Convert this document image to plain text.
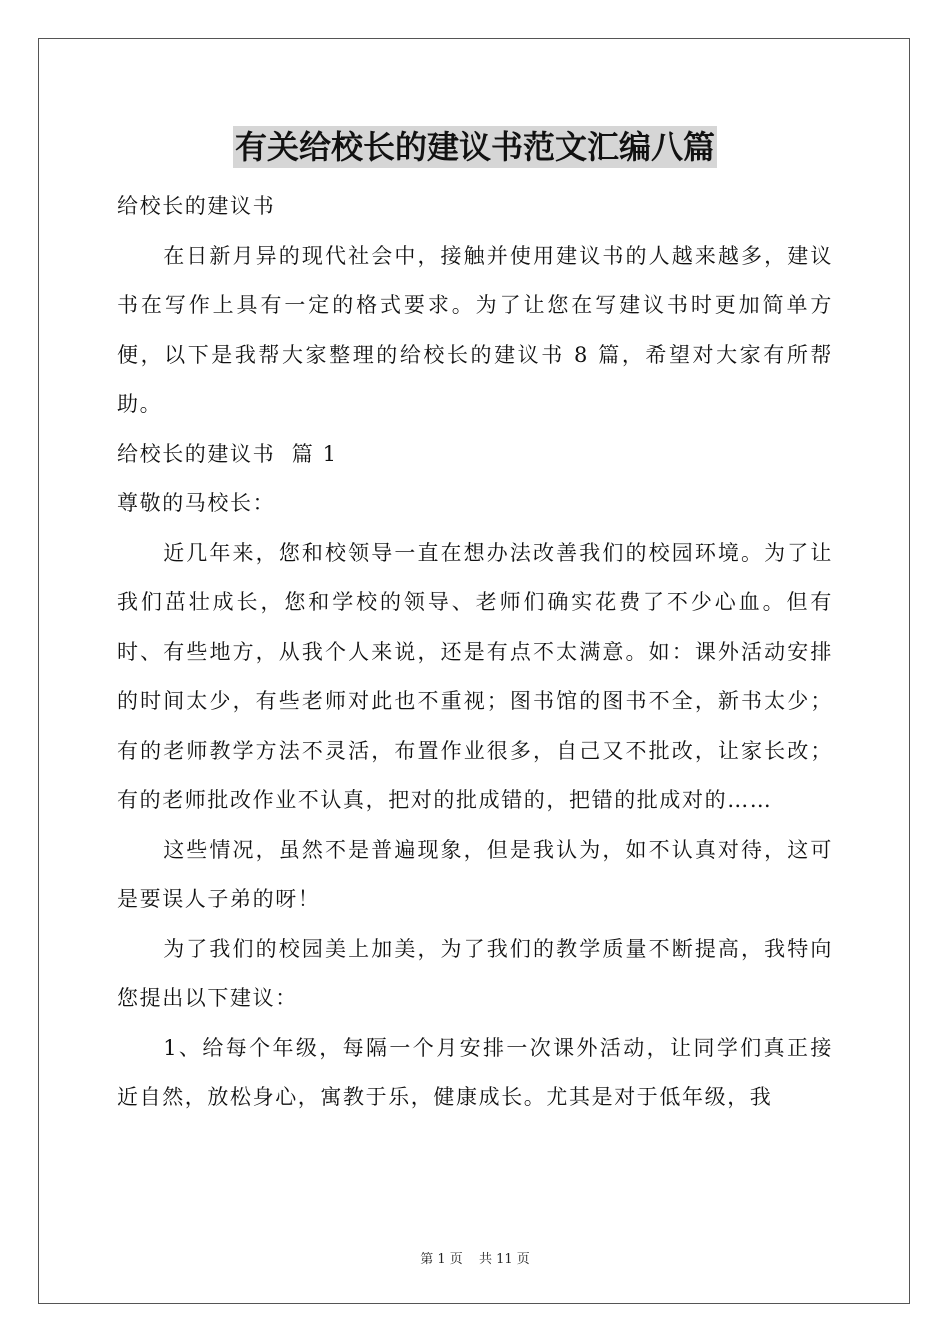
有关给校长的建议书范文汇编八篇

给校长的建议书

在日新月异的现代社会中，接触并使用建议书的人越来越多，建议书在写作上具有一定的格式要求。为了让您在写建议书时更加简单方便，以下是我帮大家整理的给校长的建议书 8 篇，希望对大家有所帮助。

给校长的建议书  篇 1

尊敬的马校长：

近几年来，您和校领导一直在想办法改善我们的校园环境。为了让我们茁壮成长，您和学校的领导、老师们确实花费了不少心血。但有时、有些地方，从我个人来说，还是有点不太满意。如：课外活动安排的时间太少，有些老师对此也不重视；图书馆的图书不全，新书太少；有的老师教学方法不灵活，布置作业很多，自己又不批改，让家长改；有的老师批改作业不认真，把对的批成错的，把错的批成对的……

这些情况，虽然不是普遍现象，但是我认为，如不认真对待，这可是要误人子弟的呀！

为了我们的校园美上加美，为了我们的教学质量不断提高，我特向您提出以下建议：

1、给每个年级，每隔一个月安排一次课外活动，让同学们真正接近自然，放松身心，寓教于乐，健康成长。尤其是对于低年级，我

第 1 页 共 11 页
